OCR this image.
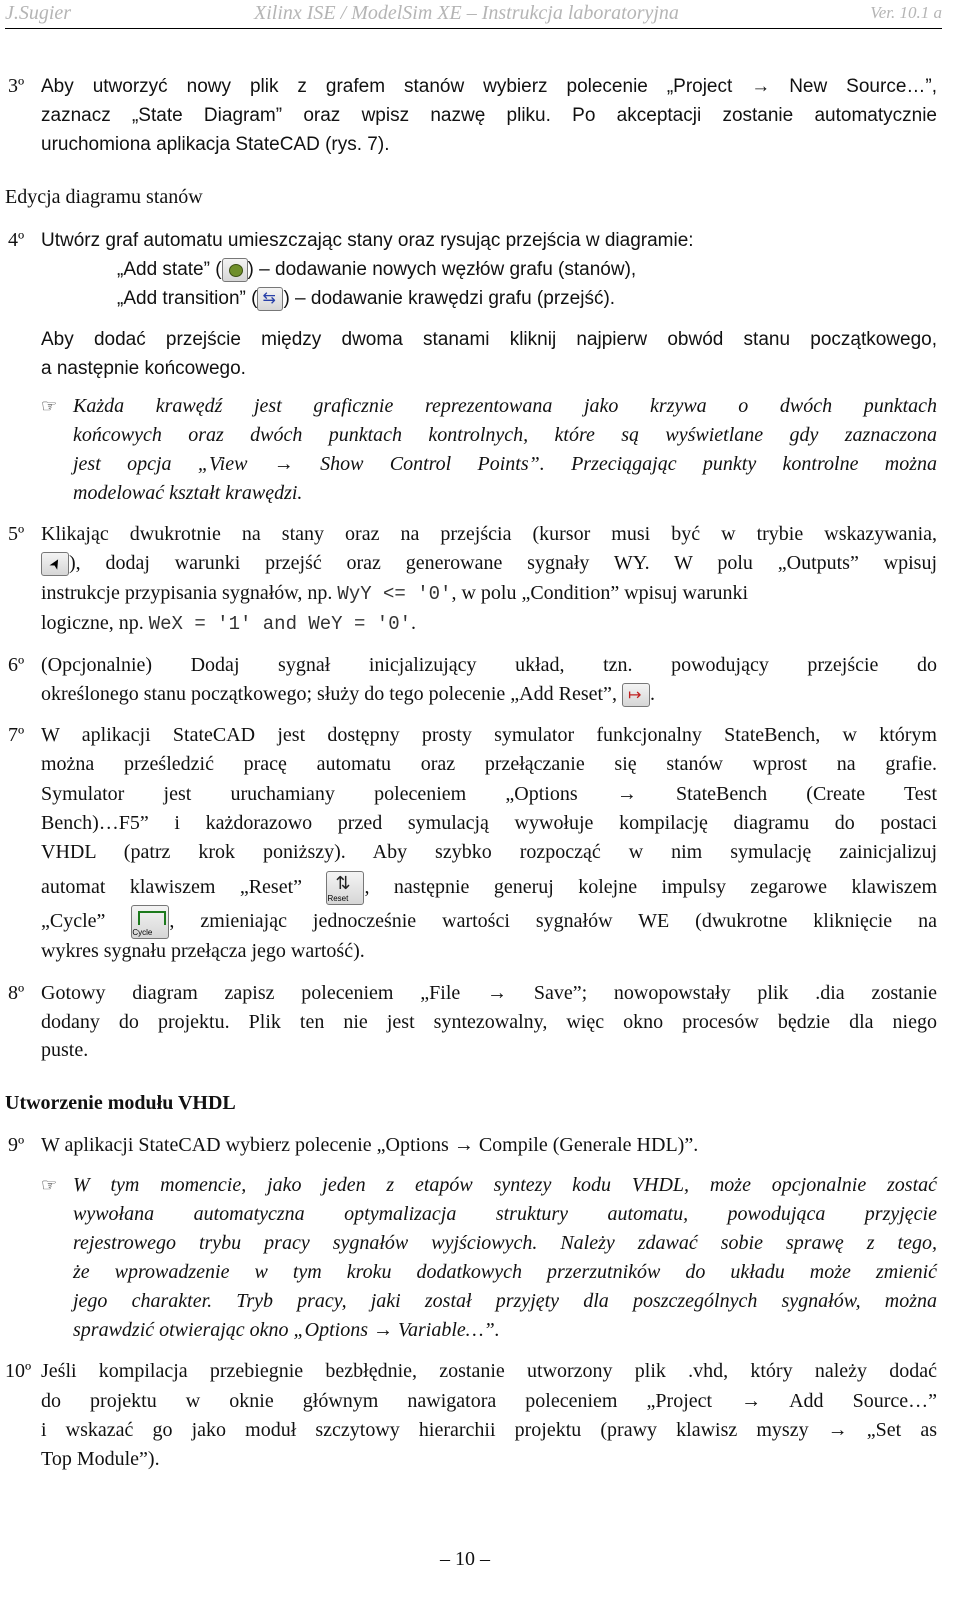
J.Sugier	Xilinx ISE / ModelSim XE – Instrukcja laboratoryjna	Ver. 10.1 a
3º Aby utworzyć nowy plik z grafem stanów wybierz polecenie „Project → New Source…”,
zaznacz „State Diagram” oraz wpisz nazwę pliku. Po akceptacji zostanie automatycznie
uruchomiona aplikacja StateCAD (rys. 7).
Edycja diagramu stanów
4º Utwórz graf automatu umieszczając stany oraz rysując przejścia w diagramie:
„Add state” ( ) – dodawanie nowych węzłów grafu (stanów),
„Add transition” ( ⇆ ) – dodawanie krawędzi grafu (przejść).
Aby dodać przejście między dwoma stanami kliknij najpierw obwód stanu początkowego,
a następnie końcowego.
☞ Każda krawędź jest graficznie reprezentowana jako krzywa o dwóch punktach
końcowych oraz dwóch punktach kontrolnych, które są wyświetlane gdy zaznaczona
jest opcja „View → Show Control Points”. Przeciągając punkty kontrolne można
modelować kształt krawędzi.
5º Klikając dwukrotnie na stany oraz na przejścia (kursor musi być w trybie wskazywania,
➤), dodaj warunki przejść oraz generowane sygnały WY. W polu „Outputs” wpisuj
instrukcje przypisania sygnałów, np. WyY <= '0', w polu „Condition” wpisuj warunki
logiczne, np. WeX = '1' and WeY = '0'.
6º (Opcjonalnie) Dodaj sygnał inicjalizujący układ, tzn. powodujący przejście do
określonego stanu początkowego; służy do tego polecenie „Add Reset”, ↦ .
7º W aplikacji StateCAD jest dostępny prosty symulator funkcjonalny StateBench, w którym
można prześledzić pracę automatu oraz przełączanie się stanów wprost na grafie.
Symulator jest uruchamiany poleceniem „Options → StateBench (Create Test
Bench)…F5” i każdorazowo przed symulacją wywołuje kompilację diagramu do postaci
VHDL (patrz krok poniższy). Aby szybko rozpocząć w nim symulację zainicjalizuj
automat klawiszem „Reset” ⇅
Reset
, następnie generuj kolejne impulsy zegarowe klawiszem
„Cycle”
Cycle
, zmieniając jednocześnie wartości sygnałów WE (dwukrotne kliknięcie na
wykres sygnału przełącza jego wartość).
8º Gotowy diagram zapisz poleceniem „File → Save”; nowopowstały plik .dia zostanie
dodany do projektu. Plik ten nie jest syntezowalny, więc okno procesów będzie dla niego
puste.
Utworzenie modułu VHDL
9º W aplikacji StateCAD wybierz polecenie „Options → Compile (Generale HDL)”.
☞ W tym momencie, jako jeden z etapów syntezy kodu VHDL, może opcjonalnie zostać
wywołana automatyczna optymalizacja struktury automatu, powodująca przyjęcie
rejestrowego trybu pracy sygnałów wyjściowych. Należy zdawać sobie sprawę z tego,
że wprowadzenie w tym kroku dodatkowych przerzutników do układu może zmienić
jego charakter. Tryb pracy, jaki został przyjęty dla poszczególnych sygnałów, można
sprawdzić otwierając okno „Options → Variable…”.
10º Jeśli kompilacja przebiegnie bezbłędnie, zostanie utworzony plik .vhd, który należy dodać
do projektu w oknie głównym nawigatora poleceniem „Project → Add Source…”
i wskazać go jako moduł szczytowy hierarchii projektu (prawy klawisz myszy → „Set as
Top Module”).
– 10 –
